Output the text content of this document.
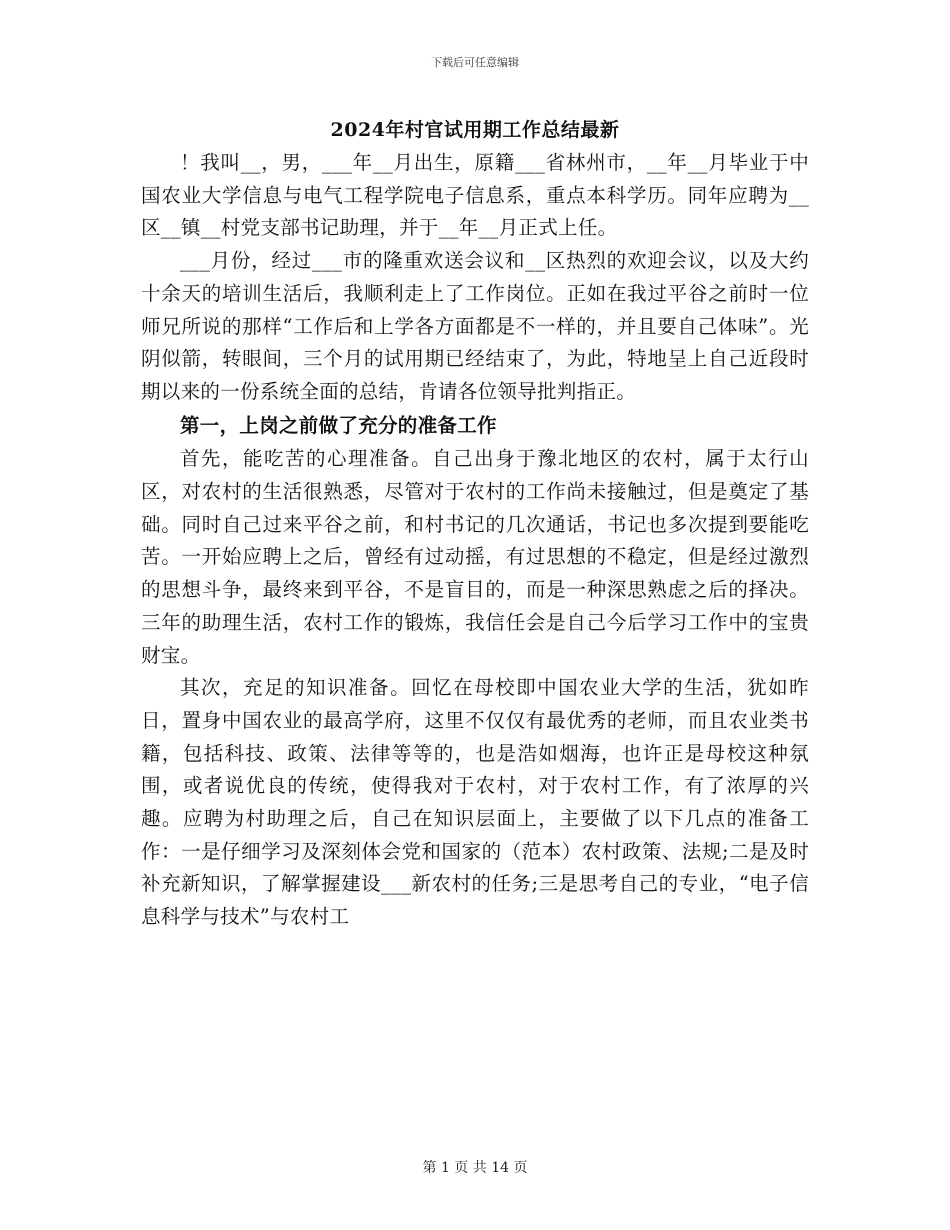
下载后可任意编辑
2024年村官试用期工作总结最新

！我叫__，男，___年__月出生，原籍___省林州市，__年__月毕业于中国农业大学信息与电气工程学院电子信息系，重点本科学历。同年应聘为__区__镇__村党支部书记助理，并于__年__月正式上任。

___月份，经过___市的隆重欢送会议和__区热烈的欢迎会议，以及大约十余天的培训生活后，我顺利走上了工作岗位。正如在我过平谷之前时一位师兄所说的那样“工作后和上学各方面都是不一样的，并且要自己体味”。光阴似箭，转眼间，三个月的试用期已经结束了，为此，特地呈上自己近段时期以来的一份系统全面的总结，肯请各位领导批判指正。

第一，上岗之前做了充分的准备工作

首先，能吃苦的心理准备。自己出身于豫北地区的农村，属于太行山区，对农村的生活很熟悉，尽管对于农村的工作尚未接触过，但是奠定了基础。同时自己过来平谷之前，和村书记的几次通话，书记也多次提到要能吃苦。一开始应聘上之后，曾经有过动摇，有过思想的不稳定，但是经过激烈的思想斗争，最终来到平谷，不是盲目的，而是一种深思熟虑之后的择决。三年的助理生活，农村工作的锻炼，我信任会是自己今后学习工作中的宝贵财宝。

其次，充足的知识准备。回忆在母校即中国农业大学的生活，犹如昨日，置身中国农业的最高学府，这里不仅仅有最优秀的老师，而且农业类书籍，包括科技、政策、法律等等的，也是浩如烟海，也许正是母校这种氛围，或者说优良的传统，使得我对于农村，对于农村工作，有了浓厚的兴趣。应聘为村助理之后，自己在知识层面上，主要做了以下几点的准备工作：一是仔细学习及深刻体会党和国家的（范本）农村政策、法规;二是及时补充新知识，了解掌握建设___新农村的任务;三是思考自己的专业，“电子信息科学与技术”与农村工

第 1 页 共 14 页
